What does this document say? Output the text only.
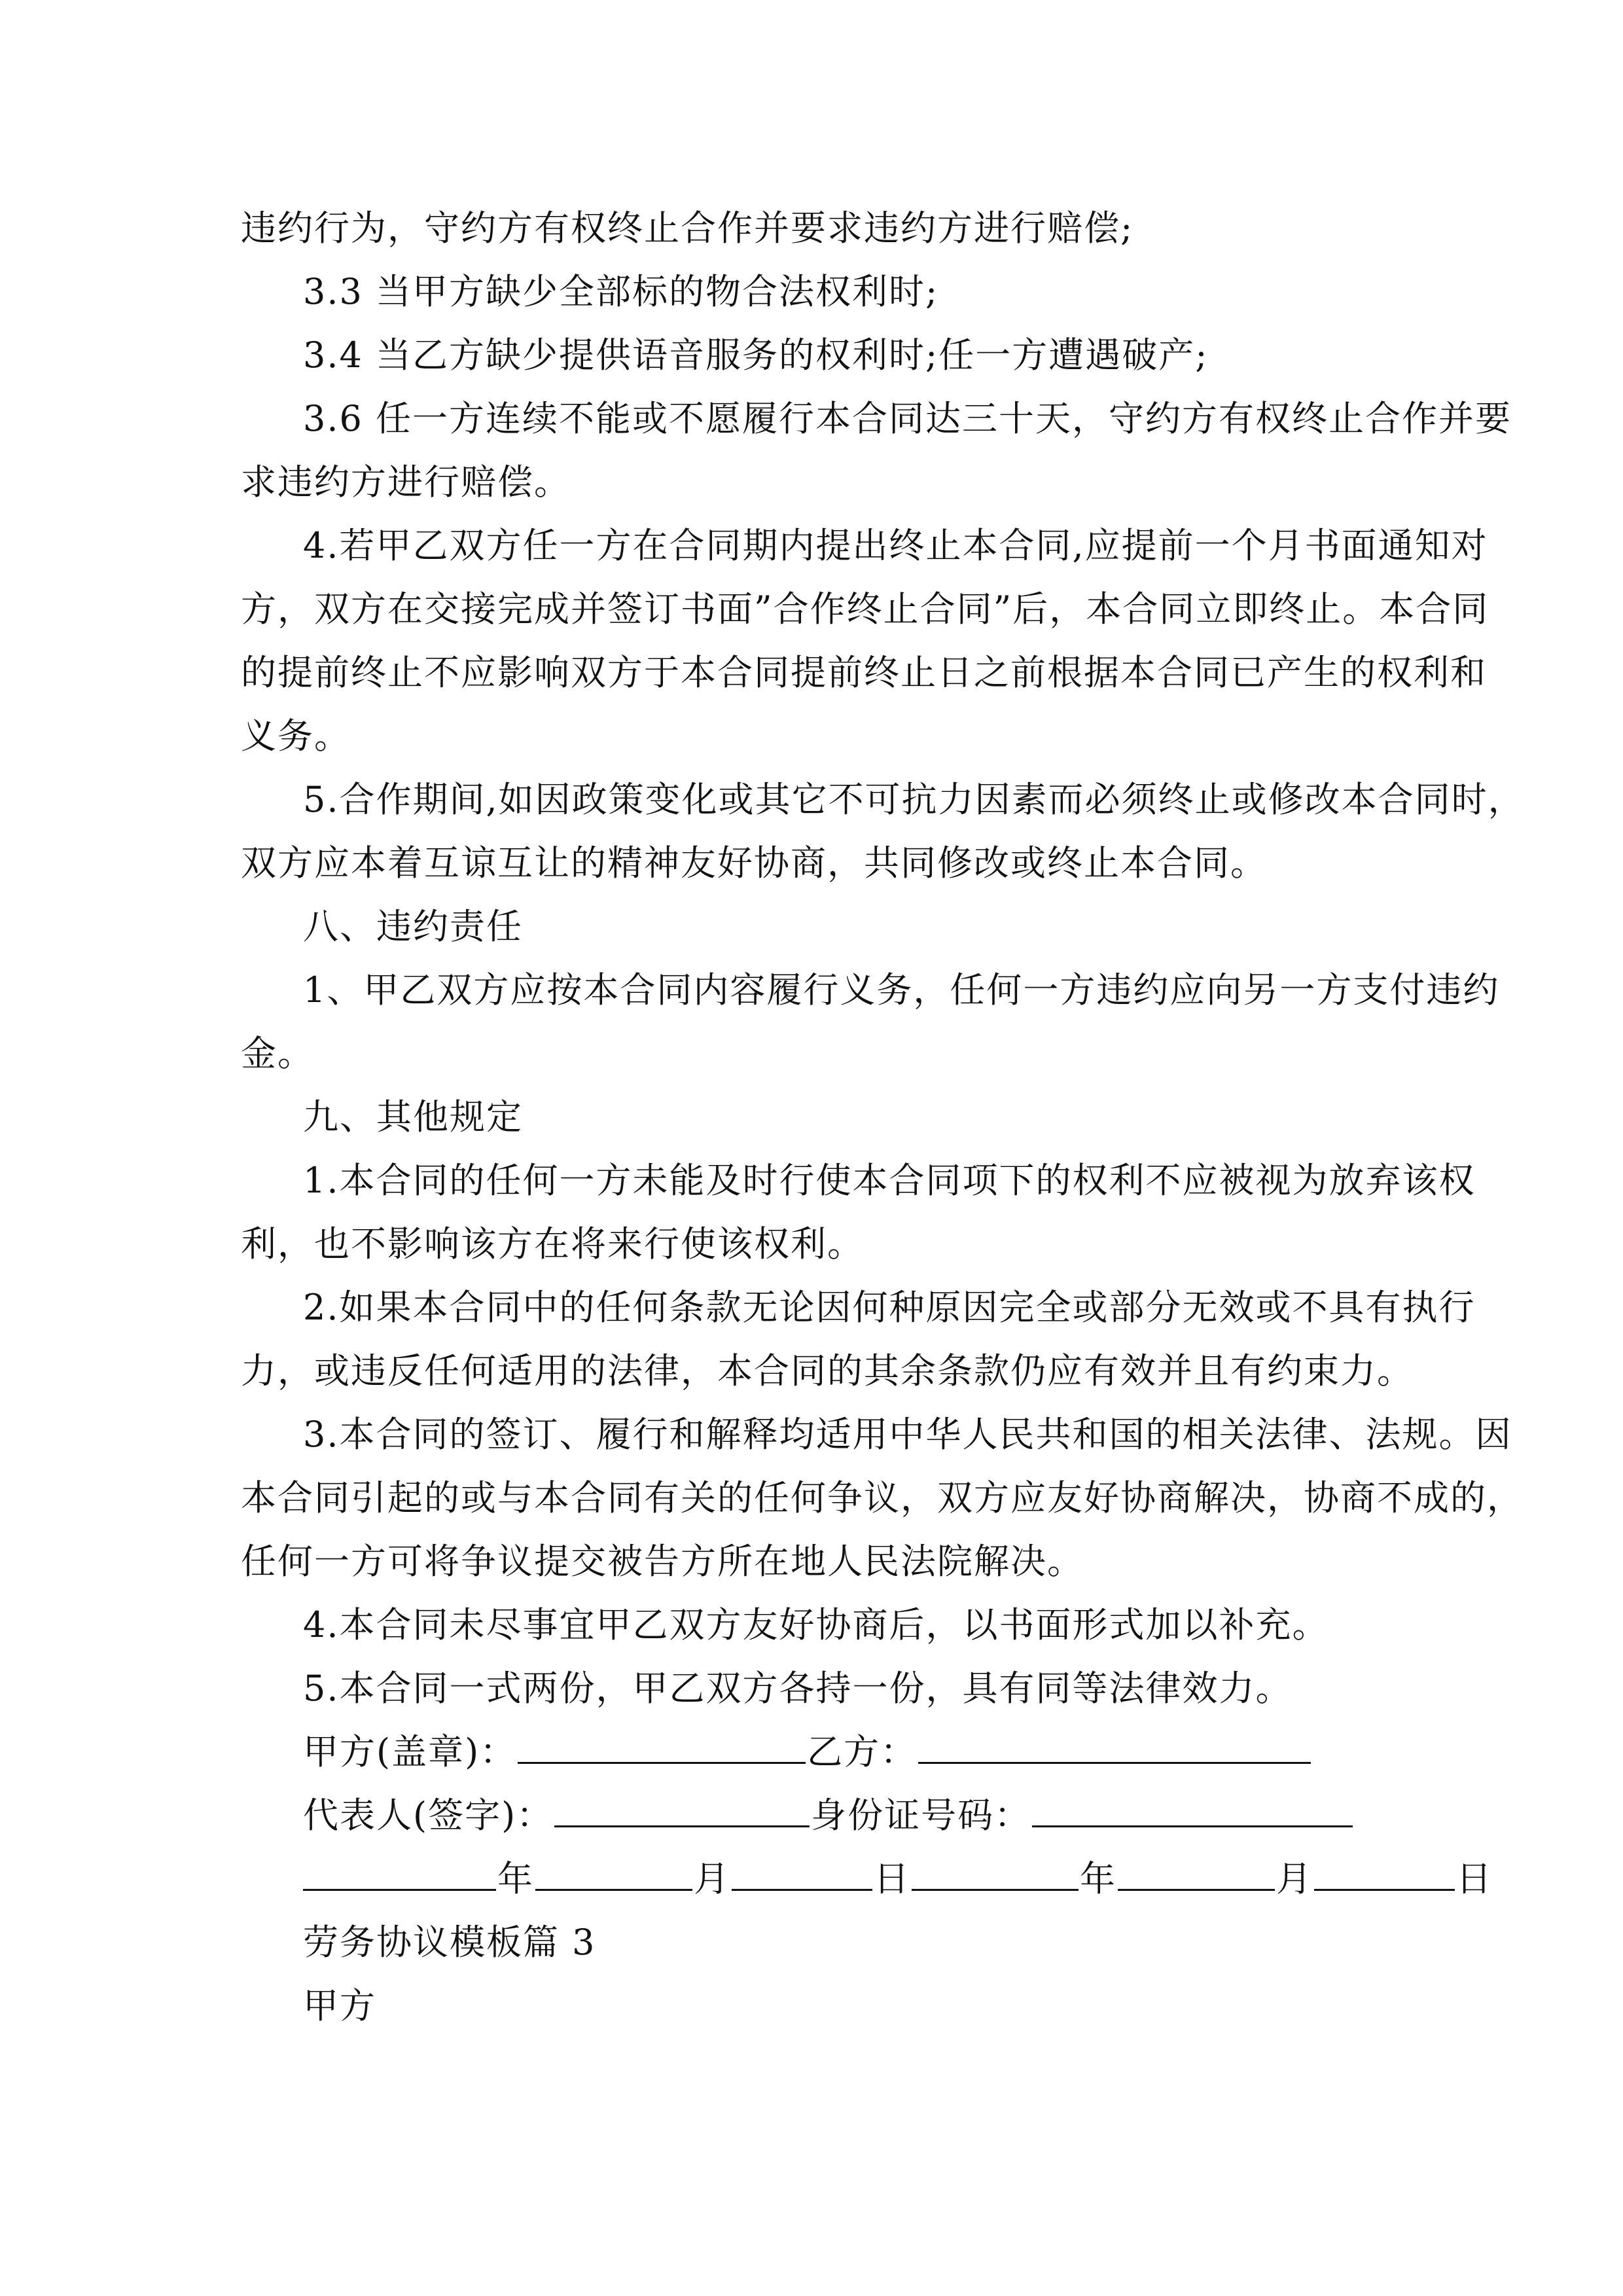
违约行为，守约方有权终止合作并要求违约方进行赔偿;
3.3 当甲方缺少全部标的物合法权利时;
3.4 当乙方缺少提供语音服务的权利时;任一方遭遇破产;
3.6 任一方连续不能或不愿履行本合同达三十天，守约方有权终止合作并要
求违约方进行赔偿。
4.若甲乙双方任一方在合同期内提出终止本合同,应提前一个月书面通知对
方，双方在交接完成并签订书面”合作终止合同”后，本合同立即终止。本合同
的提前终止不应影响双方于本合同提前终止日之前根据本合同已产生的权利和
义务。
5.合作期间,如因政策变化或其它不可抗力因素而必须终止或修改本合同时，
双方应本着互谅互让的精神友好协商，共同修改或终止本合同。
八、违约责任
1、甲乙双方应按本合同内容履行义务，任何一方违约应向另一方支付违约
金。
九、其他规定
1.本合同的任何一方未能及时行使本合同项下的权利不应被视为放弃该权
利，也不影响该方在将来行使该权利。
2.如果本合同中的任何条款无论因何种原因完全或部分无效或不具有执行
力，或违反任何适用的法律，本合同的其余条款仍应有效并且有约束力。
3.本合同的签订、履行和解释均适用中华人民共和国的相关法律、法规。因
本合同引起的或与本合同有关的任何争议，双方应友好协商解决，协商不成的，
任何一方可将争议提交被告方所在地人民法院解决。
4.本合同未尽事宜甲乙双方友好协商后，以书面形式加以补充。
5.本合同一式两份，甲乙双方各持一份，具有同等法律效力。
甲方(盖章)：	乙方：
代表人(签字)：	身份证号码：
年	月	日	年	月	日
劳务协议模板篇 3
甲方
